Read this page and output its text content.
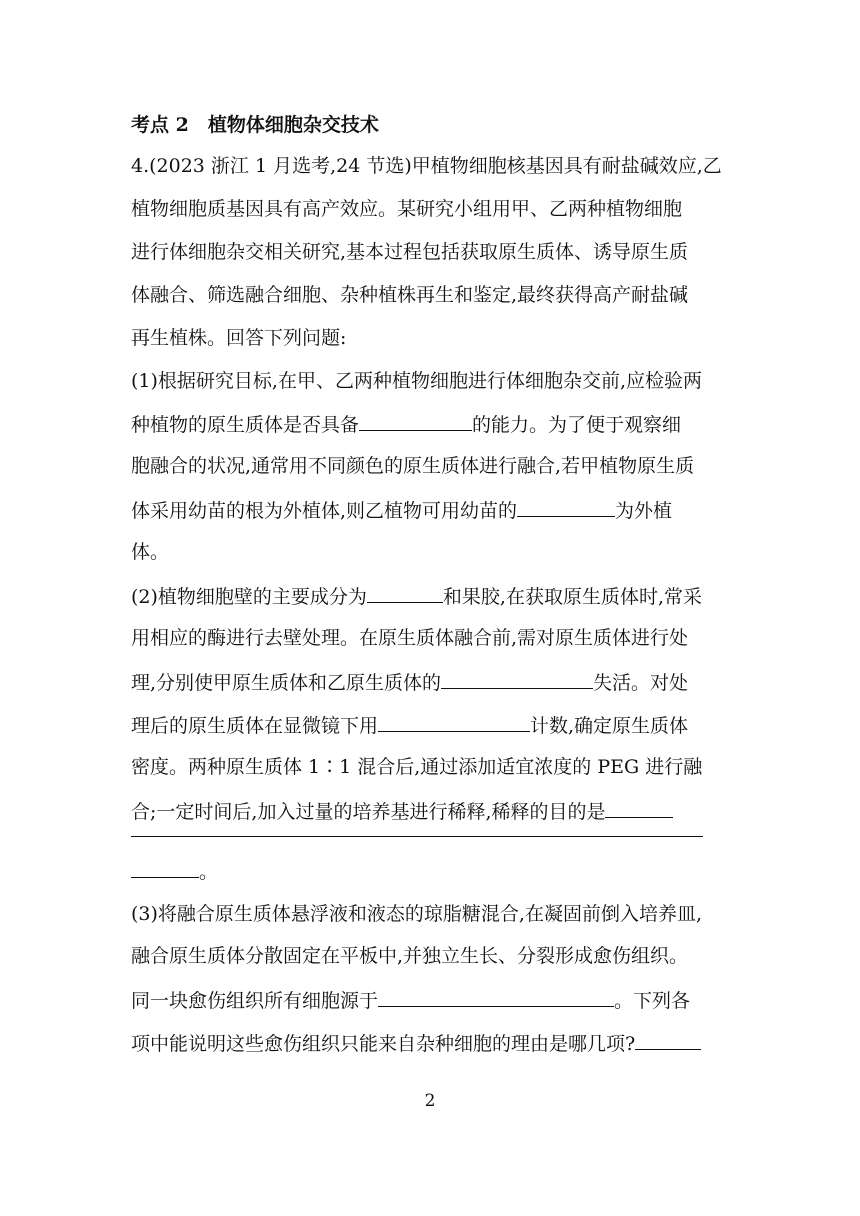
考点 2　植物体细胞杂交技术
4.(2023 浙江 1 月选考,24 节选)甲植物细胞核基因具有耐盐碱效应,乙
植物细胞质基因具有高产效应。某研究小组用甲、乙两种植物细胞
进行体细胞杂交相关研究,基本过程包括获取原生质体、诱导原生质
体融合、筛选融合细胞、杂种植株再生和鉴定,最终获得高产耐盐碱
再生植株。回答下列问题:
(1)根据研究目标,在甲、乙两种植物细胞进行体细胞杂交前,应检验两
种植物的原生质体是否具备	的能力。为了便于观察细
胞融合的状况,通常用不同颜色的原生质体进行融合,若甲植物原生质
体采用幼苗的根为外植体,则乙植物可用幼苗的	为外植
体。
(2)植物细胞壁的主要成分为	和果胶,在获取原生质体时,常采
用相应的酶进行去壁处理。在原生质体融合前,需对原生质体进行处
理,分别使甲原生质体和乙原生质体的	失活。对处
理后的原生质体在显微镜下用	计数,确定原生质体
密度。两种原生质体 1∶1 混合后,通过添加适宜浓度的 PEG 进行融
合;一定时间后,加入过量的培养基进行稀释,稀释的目的是
。
(3)将融合原生质体悬浮液和液态的琼脂糖混合,在凝固前倒入培养皿,
融合原生质体分散固定在平板中,并独立生长、分裂形成愈伤组织。
同一块愈伤组织所有细胞源于	。下列各
项中能说明这些愈伤组织只能来自杂种细胞的理由是哪几项?
2
